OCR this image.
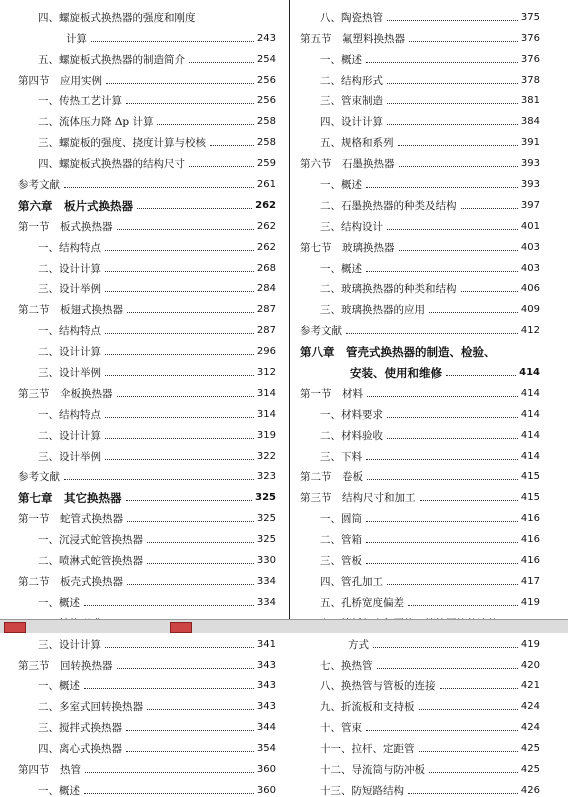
四、螺旋板式换热器的强度和刚度
计算	243
五、螺旋板式换热器的制造简介	254
第四节　应用实例	256
一、传热工艺计算	256
二、流体压力降 Δp 计算	258
三、螺旋板的强度、挠度计算与校核	258
四、螺旋板式换热器的结构尺寸	259
参考文献	261
第六章　板片式换热器	262
第一节　板式换热器	262
一、结构特点	262
二、设计计算	268
三、设计举例	284
第二节　板翅式换热器	287
一、结构特点	287
二、设计计算	296
三、设计举例	312
第三节　伞板换热器	314
一、结构特点	314
二、设计计算	319
三、设计举例	322
参考文献	323
第七章　其它换热器	325
第一节　蛇管式换热器	325
一、沉浸式蛇管换热器	325
二、喷淋式蛇管换热器	330
第二节　板壳式换热器	334
一、概述	334
三、设计计算	341
第三节　回转换热器	343
一、概述	343
二、多室式回转换热器	343
三、搅拌式换热器	344
四、离心式换热器	354
第四节　热管	360
一、概述	360
八、陶瓷热管	375
第五节　氟塑料换热器	376
一、概述	376
二、结构形式	378
三、管束制造	381
四、设计计算	384
五、规格和系列	391
第六节　石墨换热器	393
一、概述	393
二、石墨换热器的种类及结构	397
三、结构设计	401
第七节　玻璃换热器	403
一、概述	403
二、玻璃换热器的种类和结构	406
三、玻璃换热器的应用	409
参考文献	412
第八章　管壳式换热器的制造、检验、
安装、使用和维修	414
第一节　材料	414
一、材料要求	414
二、材料验收	414
三、下料	414
第二节　卷板	415
第三节　结构尺寸和加工	415
一、圆筒	416
二、管箱	416
三、管板	416
四、管孔加工	417
五、孔桥宽度偏差	419
方式	419
七、换热管	420
八、换热管与管板的连接	421
九、折流板和支持板	424
十、管束	424
十一、拉杆、定距管	425
十二、导流筒与防冲板	425
十三、防短路结构	426
